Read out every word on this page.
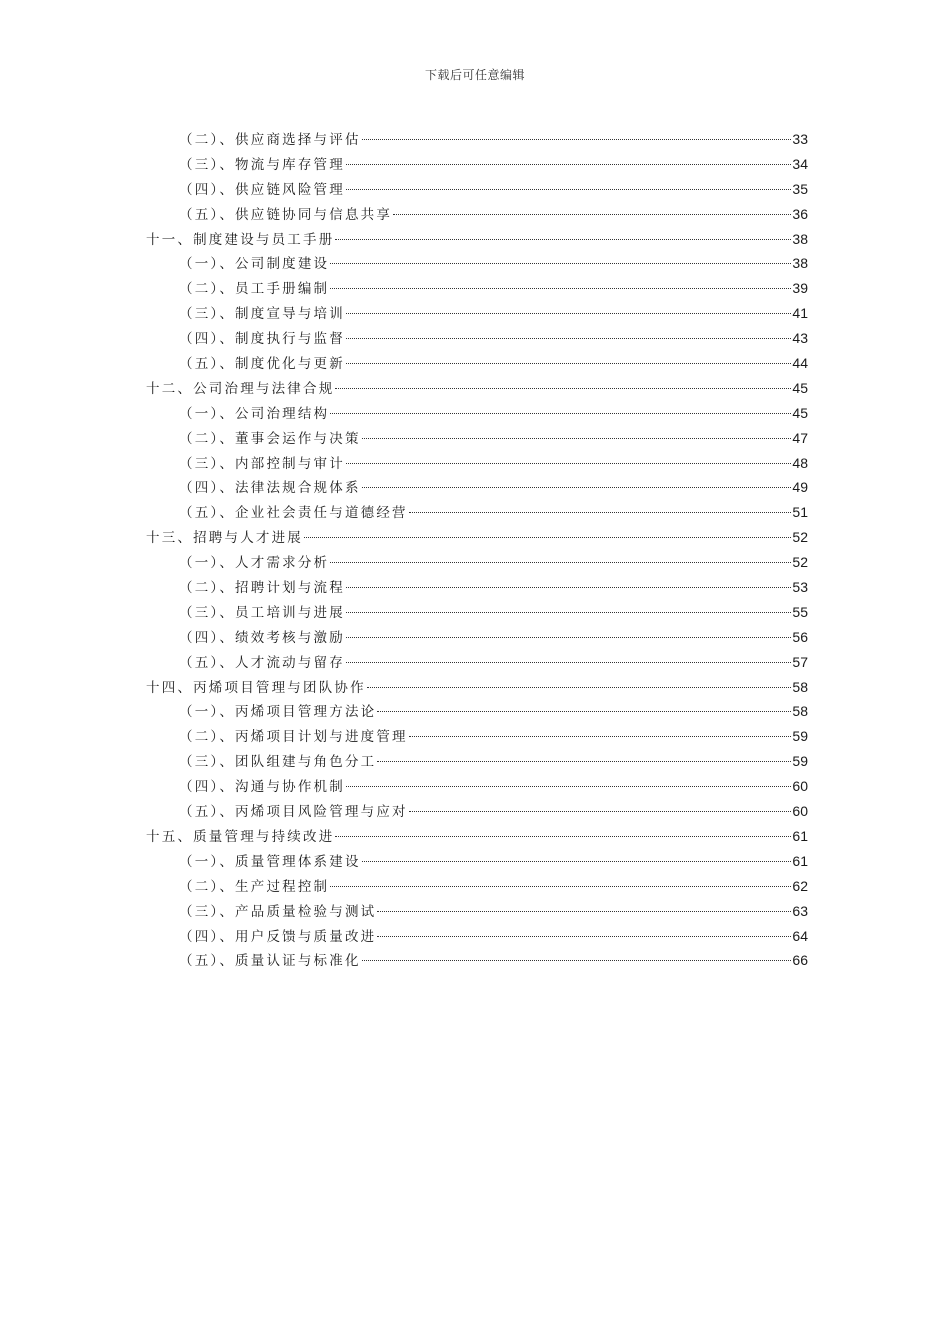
下载后可任意编辑
（二）、供应商选择与评估	33
（三）、物流与库存管理	34
（四）、供应链风险管理	35
（五）、供应链协同与信息共享	36
十一、制度建设与员工手册	38
（一）、公司制度建设	38
（二）、员工手册编制	39
（三）、制度宣导与培训	41
（四）、制度执行与监督	43
（五）、制度优化与更新	44
十二、公司治理与法律合规	45
（一）、公司治理结构	45
（二）、董事会运作与决策	47
（三）、内部控制与审计	48
（四）、法律法规合规体系	49
（五）、企业社会责任与道德经营	51
十三、招聘与人才进展	52
（一）、人才需求分析	52
（二）、招聘计划与流程	53
（三）、员工培训与进展	55
（四）、绩效考核与激励	56
（五）、人才流动与留存	57
十四、丙烯项目管理与团队协作	58
（一）、丙烯项目管理方法论	58
（二）、丙烯项目计划与进度管理	59
（三）、团队组建与角色分工	59
（四）、沟通与协作机制	60
（五）、丙烯项目风险管理与应对	60
十五、质量管理与持续改进	61
（一）、质量管理体系建设	61
（二）、生产过程控制	62
（三）、产品质量检验与测试	63
（四）、用户反馈与质量改进	64
（五）、质量认证与标准化	66
